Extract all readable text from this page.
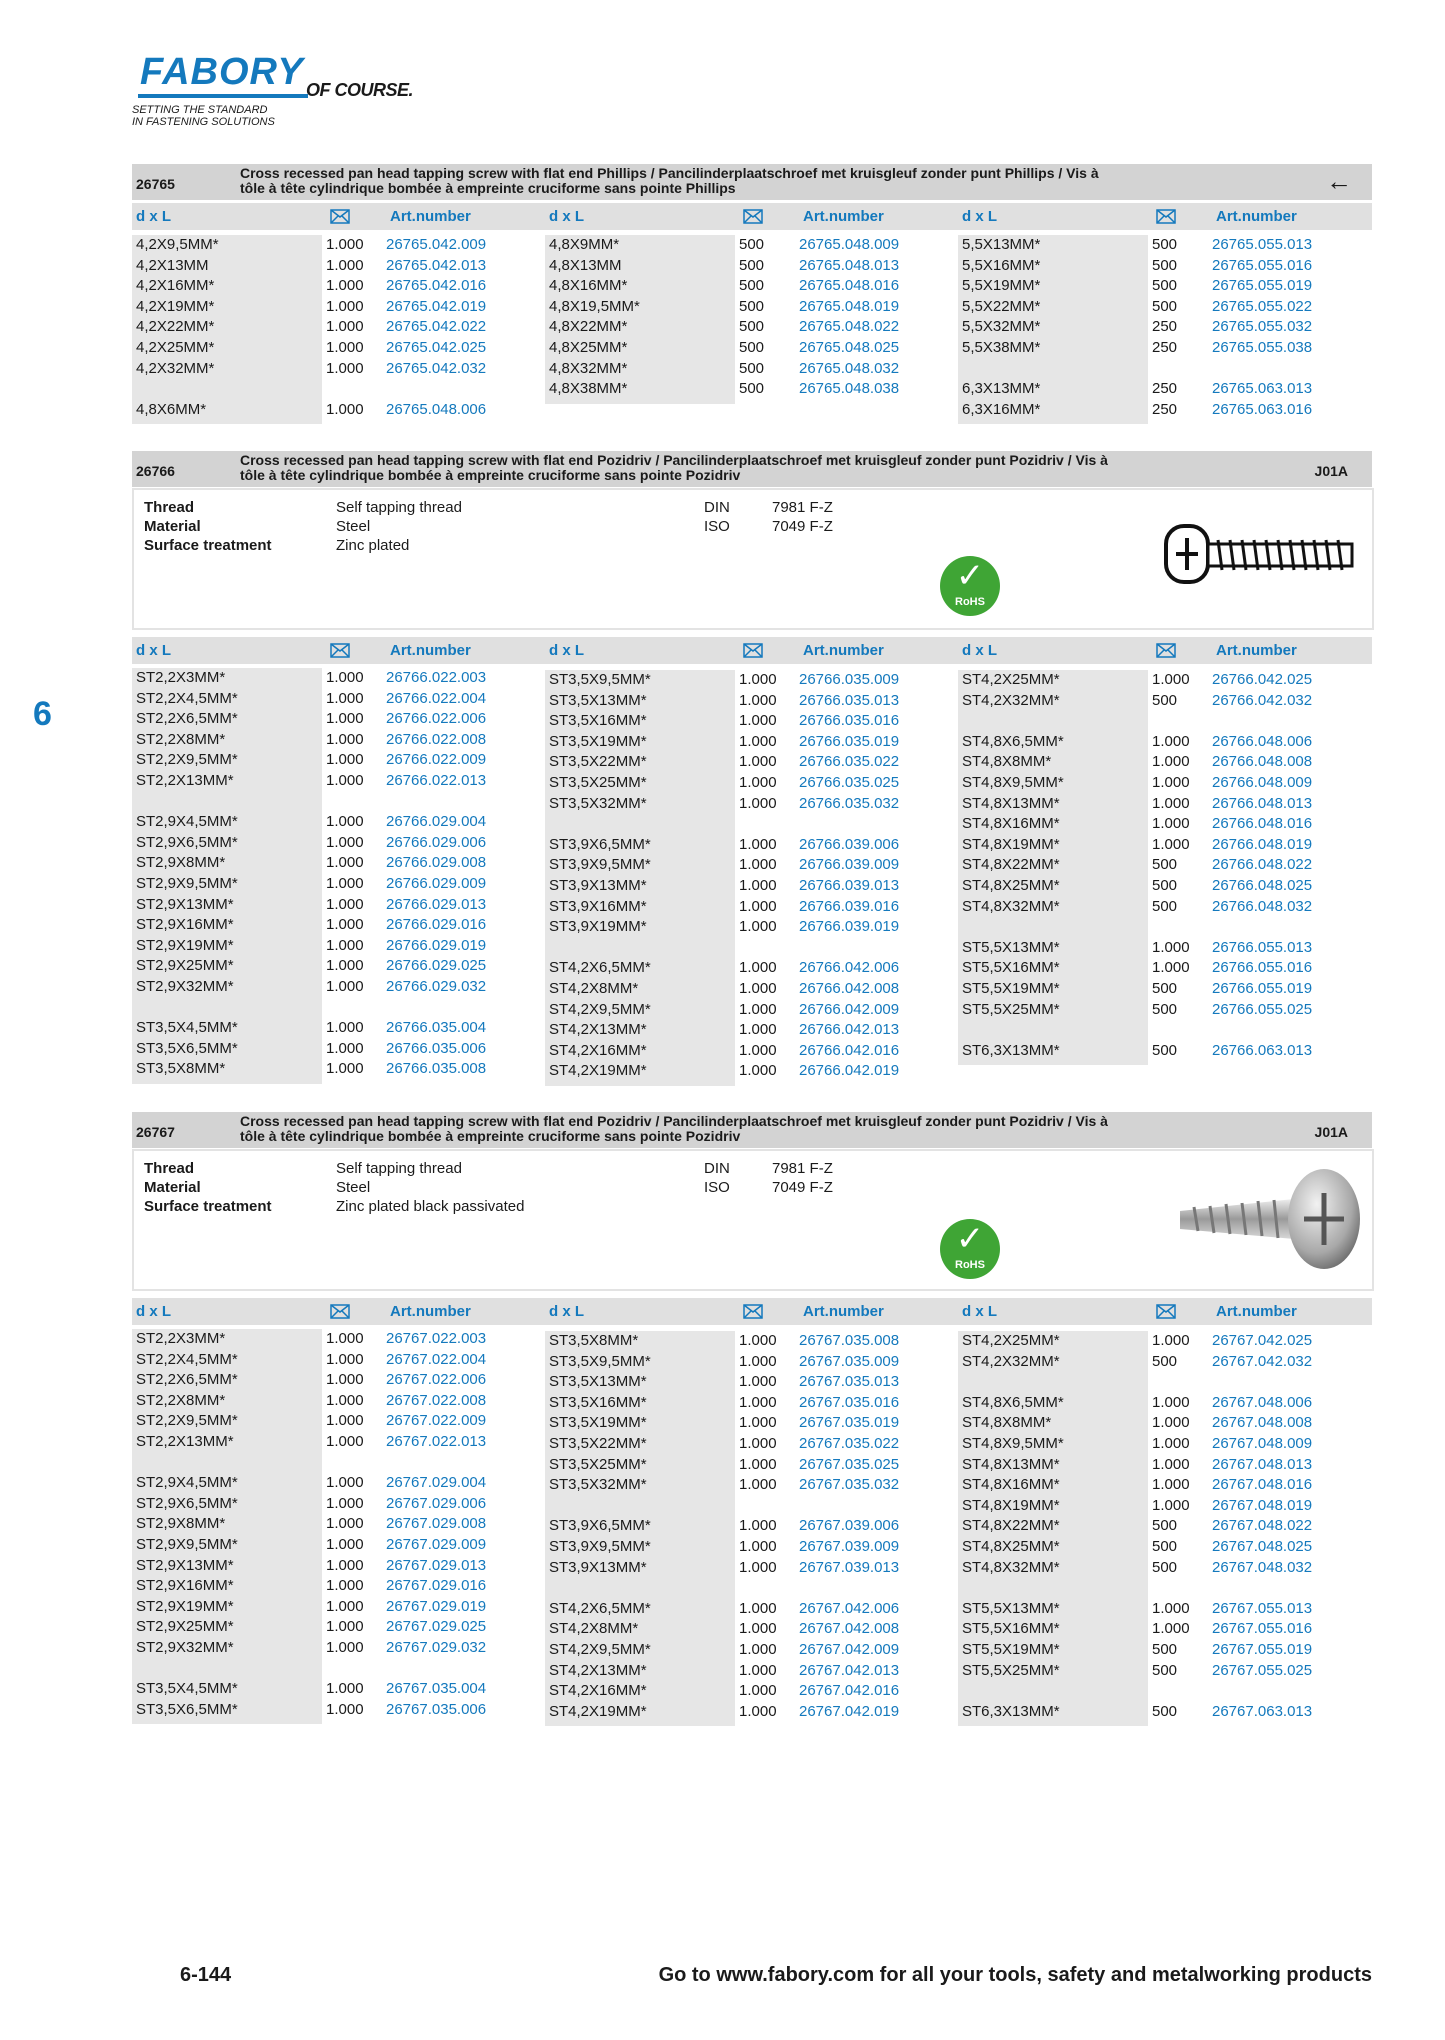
FABORY OF COURSE.
SETTING THE STANDARD
IN FASTENING SOLUTIONS
6
26765
Cross recessed pan head tapping screw with flat end Phillips / Pancilinderplaatschroef met kruisgleuf zonder punt Phillips / Vis à
tôle à tête cylindrique bombée à empreinte cruciforme sans pointe Phillips	←
d x L	Art.number	d x L	Art.number	d x L	Art.number
4,2X9,5MM*	1.000 26765.042.009
4,2X13MM	1.000 26765.042.013
4,2X16MM*	1.000 26765.042.016
4,2X19MM*	1.000 26765.042.019
4,2X22MM*	1.000 26765.042.022
4,2X25MM*	1.000 26765.042.025
4,2X32MM*	1.000 26765.042.032
4,8X6MM*	1.000 26765.048.006
4,8X9MM*	500 26765.048.009
4,8X13MM	500 26765.048.013
4,8X16MM*	500 26765.048.016
4,8X19,5MM*	500 26765.048.019
4,8X22MM*	500 26765.048.022
4,8X25MM*	500 26765.048.025
4,8X32MM*	500 26765.048.032
4,8X38MM*	500 26765.048.038
5,5X13MM*	500 26765.055.013
5,5X16MM*	500 26765.055.016
5,5X19MM*	500 26765.055.019
5,5X22MM*	500 26765.055.022
5,5X32MM*	250 26765.055.032
5,5X38MM*	250 26765.055.038
6,3X13MM*	250 26765.063.013
6,3X16MM*	250 26765.063.016
26766
Cross recessed pan head tapping screw with flat end Pozidriv / Pancilinderplaatschroef met kruisgleuf zonder punt Pozidriv / Vis à
tôle à tête cylindrique bombée à empreinte cruciforme sans pointe Pozidriv	J01A
Thread	Self tapping thread
Material	Steel
Surface treatment	Zinc plated
DIN	7981 F-Z
ISO	7049 F-Z
✓
RoHS
d x L	Art.number	d x L	Art.number	d x L	Art.number
ST2,2X3MM*	1.000 26766.022.003
ST2,2X4,5MM*	1.000 26766.022.004
ST2,2X6,5MM*	1.000 26766.022.006
ST2,2X8MM*	1.000 26766.022.008
ST2,2X9,5MM*	1.000 26766.022.009
ST2,2X13MM*	1.000 26766.022.013
ST2,9X4,5MM*	1.000 26766.029.004
ST2,9X6,5MM*	1.000 26766.029.006
ST2,9X8MM*	1.000 26766.029.008
ST2,9X9,5MM*	1.000 26766.029.009
ST2,9X13MM*	1.000 26766.029.013
ST2,9X16MM*	1.000 26766.029.016
ST2,9X19MM*	1.000 26766.029.019
ST2,9X25MM*	1.000 26766.029.025
ST2,9X32MM*	1.000 26766.029.032
ST3,5X4,5MM*	1.000 26766.035.004
ST3,5X6,5MM*	1.000 26766.035.006
ST3,5X8MM*	1.000 26766.035.008
ST3,5X9,5MM*	1.000 26766.035.009
ST3,5X13MM*	1.000 26766.035.013
ST3,5X16MM*	1.000 26766.035.016
ST3,5X19MM*	1.000 26766.035.019
ST3,5X22MM*	1.000 26766.035.022
ST3,5X25MM*	1.000 26766.035.025
ST3,5X32MM*	1.000 26766.035.032
ST3,9X6,5MM*	1.000 26766.039.006
ST3,9X9,5MM*	1.000 26766.039.009
ST3,9X13MM*	1.000 26766.039.013
ST3,9X16MM*	1.000 26766.039.016
ST3,9X19MM*	1.000 26766.039.019
ST4,2X6,5MM*	1.000 26766.042.006
ST4,2X8MM*	1.000 26766.042.008
ST4,2X9,5MM*	1.000 26766.042.009
ST4,2X13MM*	1.000 26766.042.013
ST4,2X16MM*	1.000 26766.042.016
ST4,2X19MM*	1.000 26766.042.019
ST4,2X25MM*	1.000 26766.042.025
ST4,2X32MM*	500 26766.042.032
ST4,8X6,5MM*	1.000 26766.048.006
ST4,8X8MM*	1.000 26766.048.008
ST4,8X9,5MM*	1.000 26766.048.009
ST4,8X13MM*	1.000 26766.048.013
ST4,8X16MM*	1.000 26766.048.016
ST4,8X19MM*	1.000 26766.048.019
ST4,8X22MM*	500 26766.048.022
ST4,8X25MM*	500 26766.048.025
ST4,8X32MM*	500 26766.048.032
ST5,5X13MM*	1.000 26766.055.013
ST5,5X16MM*	1.000 26766.055.016
ST5,5X19MM*	500 26766.055.019
ST5,5X25MM*	500 26766.055.025
ST6,3X13MM*	500 26766.063.013
26767
Cross recessed pan head tapping screw with flat end Pozidriv / Pancilinderplaatschroef met kruisgleuf zonder punt Pozidriv / Vis à
tôle à tête cylindrique bombée à empreinte cruciforme sans pointe Pozidriv	J01A
Thread	Self tapping thread
Material	Steel
Surface treatment	Zinc plated black passivated
DIN	7981 F-Z
ISO	7049 F-Z
✓
RoHS
d x L	Art.number	d x L	Art.number	d x L	Art.number
ST2,2X3MM*	1.000 26767.022.003
ST2,2X4,5MM*	1.000 26767.022.004
ST2,2X6,5MM*	1.000 26767.022.006
ST2,2X8MM*	1.000 26767.022.008
ST2,2X9,5MM*	1.000 26767.022.009
ST2,2X13MM*	1.000 26767.022.013
ST2,9X4,5MM*	1.000 26767.029.004
ST2,9X6,5MM*	1.000 26767.029.006
ST2,9X8MM*	1.000 26767.029.008
ST2,9X9,5MM*	1.000 26767.029.009
ST2,9X13MM*	1.000 26767.029.013
ST2,9X16MM*	1.000 26767.029.016
ST2,9X19MM*	1.000 26767.029.019
ST2,9X25MM*	1.000 26767.029.025
ST2,9X32MM*	1.000 26767.029.032
ST3,5X4,5MM*	1.000 26767.035.004
ST3,5X6,5MM*	1.000 26767.035.006
ST3,5X8MM*	1.000 26767.035.008
ST3,5X9,5MM*	1.000 26767.035.009
ST3,5X13MM*	1.000 26767.035.013
ST3,5X16MM*	1.000 26767.035.016
ST3,5X19MM*	1.000 26767.035.019
ST3,5X22MM*	1.000 26767.035.022
ST3,5X25MM*	1.000 26767.035.025
ST3,5X32MM*	1.000 26767.035.032
ST3,9X6,5MM*	1.000 26767.039.006
ST3,9X9,5MM*	1.000 26767.039.009
ST3,9X13MM*	1.000 26767.039.013
ST4,2X6,5MM*	1.000 26767.042.006
ST4,2X8MM*	1.000 26767.042.008
ST4,2X9,5MM*	1.000 26767.042.009
ST4,2X13MM*	1.000 26767.042.013
ST4,2X16MM*	1.000 26767.042.016
ST4,2X19MM*	1.000 26767.042.019
ST4,2X25MM*	1.000 26767.042.025
ST4,2X32MM*	500 26767.042.032
ST4,8X6,5MM*	1.000 26767.048.006
ST4,8X8MM*	1.000 26767.048.008
ST4,8X9,5MM*	1.000 26767.048.009
ST4,8X13MM*	1.000 26767.048.013
ST4,8X16MM*	1.000 26767.048.016
ST4,8X19MM*	1.000 26767.048.019
ST4,8X22MM*	500 26767.048.022
ST4,8X25MM*	500 26767.048.025
ST4,8X32MM*	500 26767.048.032
ST5,5X13MM*	1.000 26767.055.013
ST5,5X16MM*	1.000 26767.055.016
ST5,5X19MM*	500 26767.055.019
ST5,5X25MM*	500 26767.055.025
ST6,3X13MM*	500 26767.063.013
6-144	Go to www.fabory.com for all your tools, safety and metalworking products
